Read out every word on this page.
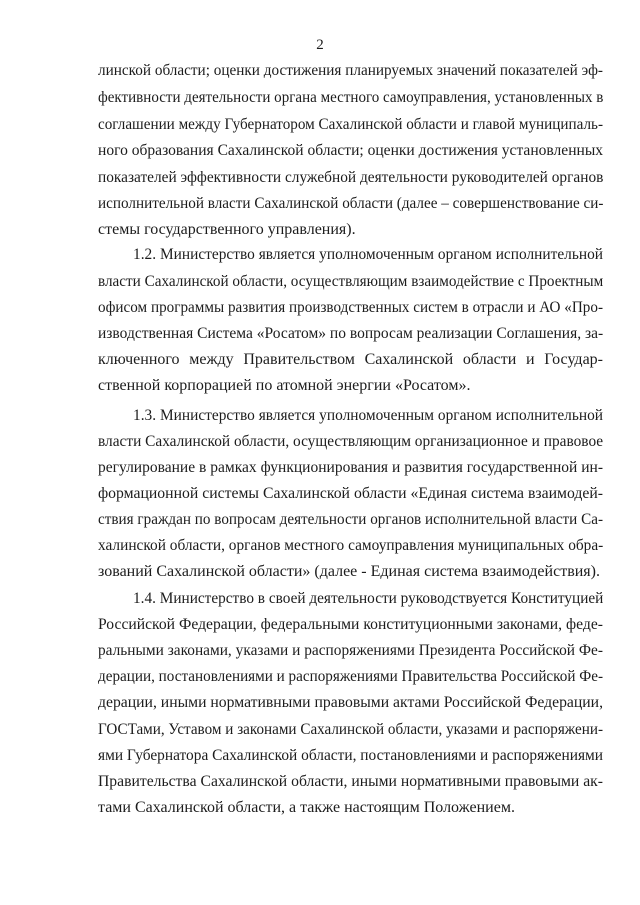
2
линской области; оценки достижения планируемых значений показателей эф-
фективности деятельности органа местного самоуправления, установленных в
соглашении между Губернатором Сахалинской области и главой муниципаль-
ного образования Сахалинской области; оценки достижения установленных
показателей эффективности служебной деятельности руководителей органов
исполнительной власти Сахалинской области (далее – совершенствование си-
стемы государственного управления).
1.2. Министерство является уполномоченным органом исполнительной
власти Сахалинской области, осуществляющим взаимодействие с Проектным
офисом программы развития производственных систем в отрасли и АО «Про-
изводственная Система «Росатом» по вопросам реализации Соглашения, за-
ключенного между Правительством Сахалинской области и Государ-
ственной корпорацией по атомной энергии «Росатом».
1.3. Министерство является уполномоченным органом исполнительной
власти Сахалинской области, осуществляющим организационное и правовое
регулирование в рамках функционирования и развития государственной ин-
формационной системы Сахалинской области «Единая система взаимодей-
ствия граждан по вопросам деятельности органов исполнительной власти Са-
халинской области, органов местного самоуправления муниципальных обра-
зований Сахалинской области» (далее - Единая система взаимодействия).
1.4. Министерство в своей деятельности руководствуется Конституцией
Российской Федерации, федеральными конституционными законами, феде-
ральными законами, указами и распоряжениями Президента Российской Фе-
дерации, постановлениями и распоряжениями Правительства Российской Фе-
дерации, иными нормативными правовыми актами Российской Федерации,
ГОСТами, Уставом и законами Сахалинской области, указами и распоряжени-
ями Губернатора Сахалинской области, постановлениями и распоряжениями
Правительства Сахалинской области, иными нормативными правовыми ак-
тами Сахалинской области, а также настоящим Положением.
